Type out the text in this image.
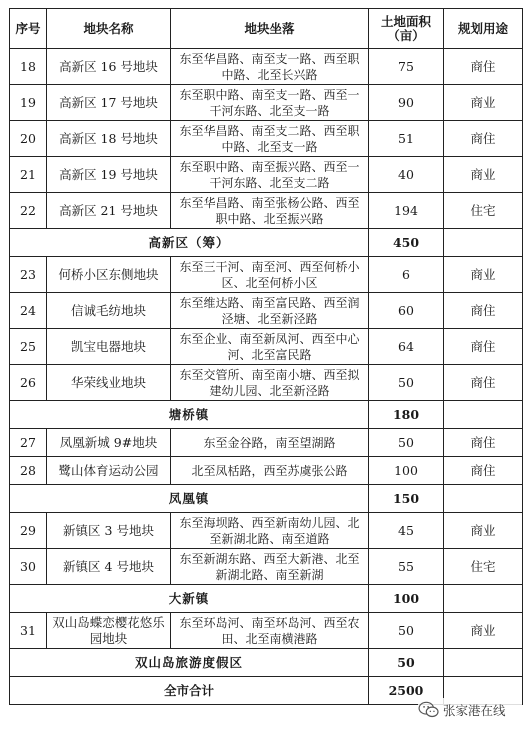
序号	地块名称	地块坐落	土地面积（亩）	规划用途
18	高新区 16 号地块	东至华昌路、南至支一路、西至职中路、北至长兴路	75	商住
19	高新区 17 号地块	东至职中路、南至支一路、西至一干河东路、北至支一路	90	商业
20	高新区 18 号地块	东至华昌路、南至支二路、西至职中路、北至支一路	51	商住
21	高新区 19 号地块	东至职中路、南至振兴路、西至一干河东路、北至支二路	40	商业
22	高新区 21 号地块	东至华昌路、南至张杨公路、西至职中路、北至振兴路	194	住宅
高新区（筹）			450	
23	何桥小区东侧地块	东至三干河、南至河、西至何桥小区、北至何桥小区	6	商业
24	信诚毛纺地块	东至维达路、南至富民路、西至润泾塘、北至新泾路	60	商住
25	凯宝电器地块	东至企业、南至新凤河、西至中心河、北至富民路	64	商住
26	华荣线业地块	东至交管所、南至南小塘、西至拟建幼儿园、北至新泾路	50	商住
塘桥镇			180	
27	凤凰新城 9#地块	东至金谷路，南至望湖路	50	商住
28	鹭山体育运动公园	北至凤栝路，西至苏虞张公路	100	商住
凤凰镇			150	
29	新镇区 3 号地块	东至海坝路、西至新南幼儿园、北至新湖北路、南至道路	45	商业
30	新镇区 4 号地块	东至新湖东路、西至大新港、北至新湖北路、南至新湖	55	住宅
大新镇			100	
31	双山岛蝶恋樱花悠乐园地块	东至环岛河、南至环岛河、西至农田、北至南横港路	50	商业
双山岛旅游度假区			50	
全市合计			2500	
张家港在线
